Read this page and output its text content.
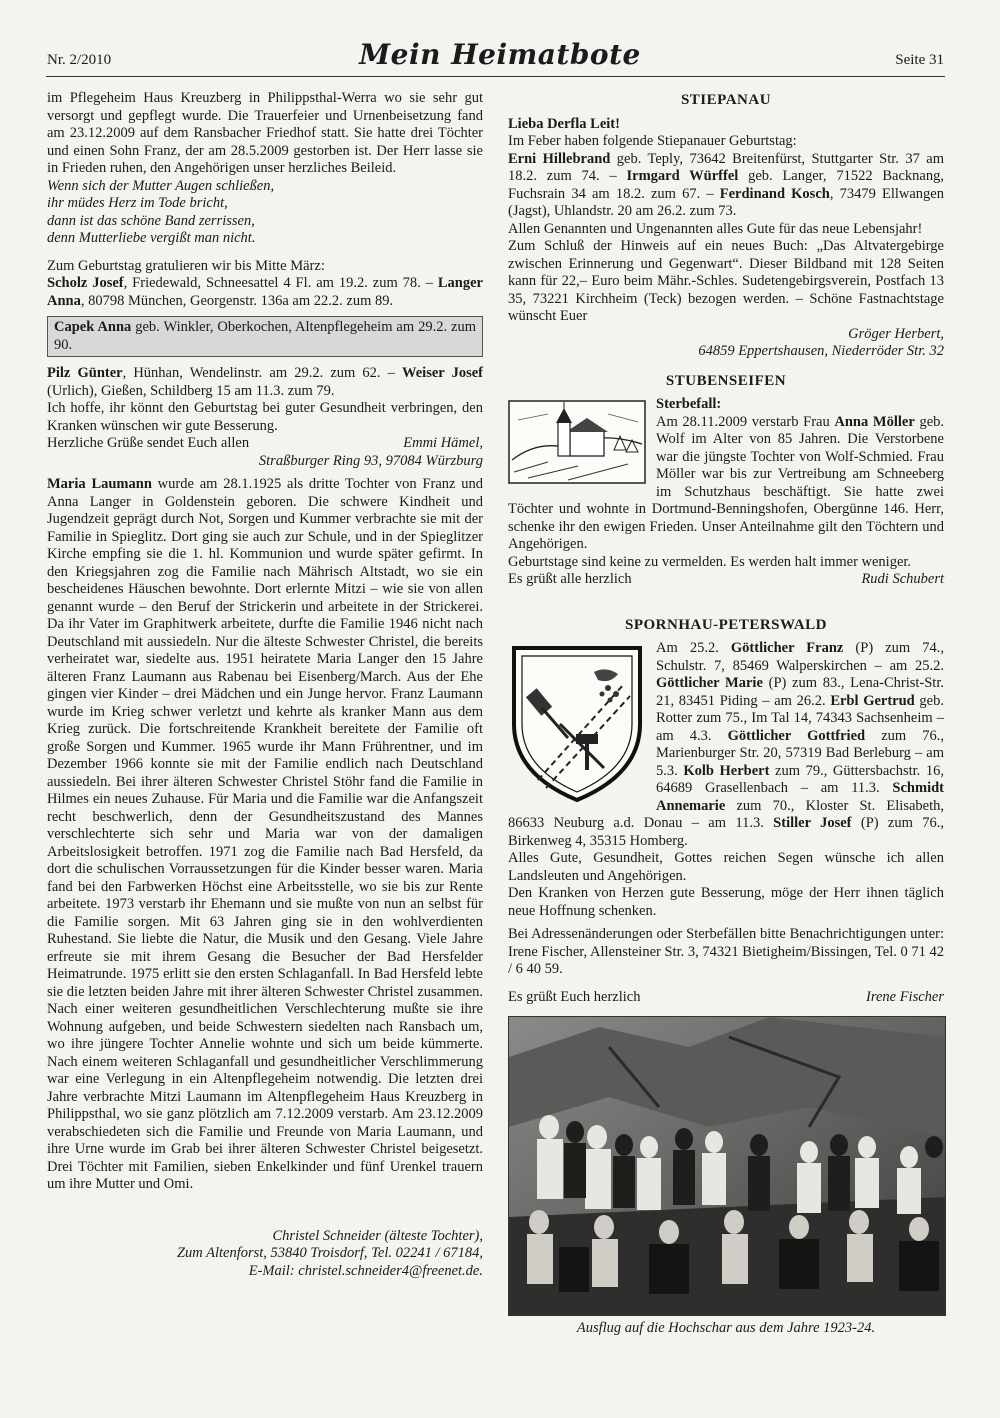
Nr. 2/2010	Mein Heimatbote	Seite 31

im Pflegeheim Haus Kreuzberg in Philippsthal-Werra wo sie sehr gut versorgt und gepflegt wurde. Die Trauerfeier und Urnenbeisetzung fand am 23.12.2009 auf dem Ransbacher Friedhof statt. Sie hatte drei Töchter und einen Sohn Franz, der am 28.5.2009 gestorben ist. Der Herr lasse sie in Frieden ruhen, den Angehörigen unser herzliches Beileid.

Wenn sich der Mutter Augen schließen,
ihr müdes Herz im Tode bricht,
dann ist das schöne Band zerrissen,
denn Mutterliebe vergißt man nicht.

Zum Geburtstag gratulieren wir bis Mitte März:
Scholz Josef, Friedewald, Schneesattel 4 Fl. am 19.2. zum 78. – Langer Anna, 80798 München, Georgenstr. 136a am 22.2. zum 89.

Capek Anna geb. Winkler, Oberkochen, Altenpflegeheim am 29.2. zum 90.

Pilz Günter, Hünhan, Wendelinstr. am 29.2. zum 62. – Weiser Josef (Urlich), Gießen, Schildberg 15 am 11.3. zum 79.
Ich hoffe, ihr könnt den Geburtstag bei guter Gesundheit verbringen, den Kranken wünschen wir gute Besserung.

Herzliche Grüße sendet Euch allen	Emmi Hämel,
Straßburger Ring 93, 97084 Würzburg

Maria Laumann wurde am 28.1.1925 als dritte Tochter von Franz und Anna Langer in Goldenstein geboren. Die schwere Kindheit und Jugendzeit geprägt durch Not, Sorgen und Kummer verbrachte sie mit der Familie in Spieglitz. Dort ging sie auch zur Schule, und in der Spieglitzer Kirche empfing sie die 1. hl. Kommunion und wurde später gefirmt. In den Kriegsjahren zog die Familie nach Mährisch Altstadt, wo sie ein bescheidenes Häuschen bewohnte. Dort erlernte Mitzi – wie sie von allen genannt wurde – den Beruf der Strickerin und arbeitete in der Strickerei. Da ihr Vater im Graphitwerk arbeitete, durfte die Familie 1946 nicht nach Deutschland mit aussiedeln. Nur die älteste Schwester Christel, die bereits verheiratet war, siedelte aus. 1951 heiratete Maria Langer den 15 Jahre älteren Franz Laumann aus Rabenau bei Eisenberg/March. Aus der Ehe gingen vier Kinder – drei Mädchen und ein Junge hervor. Franz Laumann wurde im Krieg schwer verletzt und kehrte als kranker Mann aus dem Krieg zurück. Die fortschreitende Krankheit bereitete der Familie oft große Sorgen und Kummer. 1965 wurde ihr Mann Frührentner, und im Dezember 1966 konnte sie mit der Familie endlich nach Deutschland aussiedeln. Bei ihrer älteren Schwester Christel Stöhr fand die Familie in Hilmes ein neues Zuhause. Für Maria und die Familie war die Anfangszeit recht beschwerlich, denn der Gesundheitszustand des Mannes verschlechterte sich sehr und Maria war von der damaligen Arbeitslosigkeit betroffen. 1971 zog die Familie nach Bad Hersfeld, da dort die schulischen Vorraussetzungen für die Kinder besser waren. Maria fand bei den Farbwerken Höchst eine Arbeitsstelle, wo sie bis zur Rente arbeitete. 1973 verstarb ihr Ehemann und sie mußte von nun an selbst für die Familie sorgen. Mit 63 Jahren ging sie in den wohlverdienten Ruhestand. Sie liebte die Natur, die Musik und den Gesang. Viele Jahre erfreute sie mit ihrem Gesang die Besucher der Bad Hersfelder Heimatrunde. 1975 erlitt sie den ersten Schlaganfall. In Bad Hersfeld lebte sie die letzten beiden Jahre mit ihrer älteren Schwester Christel zusammen. Nach einer weiteren gesundheitlichen Verschlechterung mußte sie ihre Wohnung aufgeben, und beide Schwestern siedelten nach Ransbach um, wo ihre jüngere Tochter Annelie wohnte und sich um beide kümmerte. Nach einem weiteren Schlaganfall und gesundheitlicher Verschlimmerung war eine Verlegung in ein Altenpflegeheim notwendig. Die letzten drei Jahre verbrachte Mitzi Laumann im Altenpflegeheim Haus Kreuzberg in Philippsthal, wo sie ganz plötzlich am 7.12.2009 verstarb. Am 23.12.2009 verabschiedeten sich die Familie und Freunde von Maria Laumann, und ihre Urne wurde im Grab bei ihrer älteren Schwester Christel beigesetzt. Drei Töchter mit Familien, sieben Enkelkinder und fünf Urenkel trauern um ihre Mutter und Omi.

Christel Schneider (älteste Tochter),
Zum Altenforst, 53840 Troisdorf, Tel. 02241 / 67184,
E-Mail: christel.schneider4@freenet.de.
STIEPANAU

Lieba Derfla Leit!
Im Feber haben folgende Stiepanauer Geburtstag:
Erni Hillebrand geb. Teply, 73642 Breitenfürst, Stuttgarter Str. 37 am 18.2. zum 74. – Irmgard Würffel geb. Langer, 71522 Backnang, Fuchsrain 34 am 18.2. zum 67. – Ferdinand Kosch, 73479 Ellwangen (Jagst), Uhlandstr. 20 am 26.2. zum 73.
Allen Genannten und Ungenannten alles Gute für das neue Lebensjahr!
Zum Schluß der Hinweis auf ein neues Buch: „Das Altvatergebirge zwischen Erinnerung und Gegenwart“. Dieser Bildband mit 128 Seiten kann für 22,– Euro beim Mähr.-Schles. Sudetengebirgsverein, Postfach 13 35, 73221 Kirchheim (Teck) bezogen werden. – Schöne Fastnachtstage wünscht Euer

Gröger Herbert,
64859 Eppertshausen, Niederröder Str. 32
STUBENSEIFEN

Sterbefall:
Am 28.11.2009 verstarb Frau Anna Möller geb. Wolf im Alter von 85 Jahren. Die Verstorbene war die jüngste Tochter von Wolf-Schmied. Frau Möller war bis zur Vertreibung am Schneeberg im Schutzhaus beschäftigt. Sie hatte zwei Töchter und wohnte in Dortmund-Benningshofen, Obergünne 146. Herr, schenke ihr den ewigen Frieden. Unser Anteilnahme gilt den Töchtern und Angehörigen.
Geburtstage sind keine zu vermelden. Es werden halt immer weniger.

Es grüßt alle herzlich	Rudi Schubert
SPORNHAU-PETERSWALD

Am 25.2. Göttlicher Franz (P) zum 74., Schulstr. 7, 85469 Walperskirchen – am 25.2. Göttlicher Marie (P) zum 83., Lena-Christ-Str. 21, 83451 Piding – am 26.2. Erbl Gertrud geb. Rotter zum 75., Im Tal 14, 74343 Sachsenheim – am 4.3. Göttlicher Gottfried zum 76., Marienburger Str. 20, 57319 Bad Berleburg – am 5.3. Kolb Herbert zum 79., Güttersbachstr. 16, 64689 Grasellenbach – am 11.3. Schmidt Annemarie zum 70., Kloster St. Elisabeth, 86633 Neuburg a.d. Donau – am 11.3. Stiller Josef (P) zum 76., Birkenweg 4, 35315 Homberg.
Alles Gute, Gesundheit, Gottes reichen Segen wünsche ich allen Landsleuten und Angehörigen.
Den Kranken von Herzen gute Besserung, möge der Herr ihnen täglich neue Hoffnung schenken.

Bei Adressenänderungen oder Sterbefällen bitte Benachrichtigungen unter: Irene Fischer, Allensteiner Str. 3, 74321 Bietigheim/Bissingen, Tel. 0 71 42 / 6 40 59.

Es grüßt Euch herzlich	Irene Fischer
Ausflug auf die Hochschar aus dem Jahre 1923-24.
